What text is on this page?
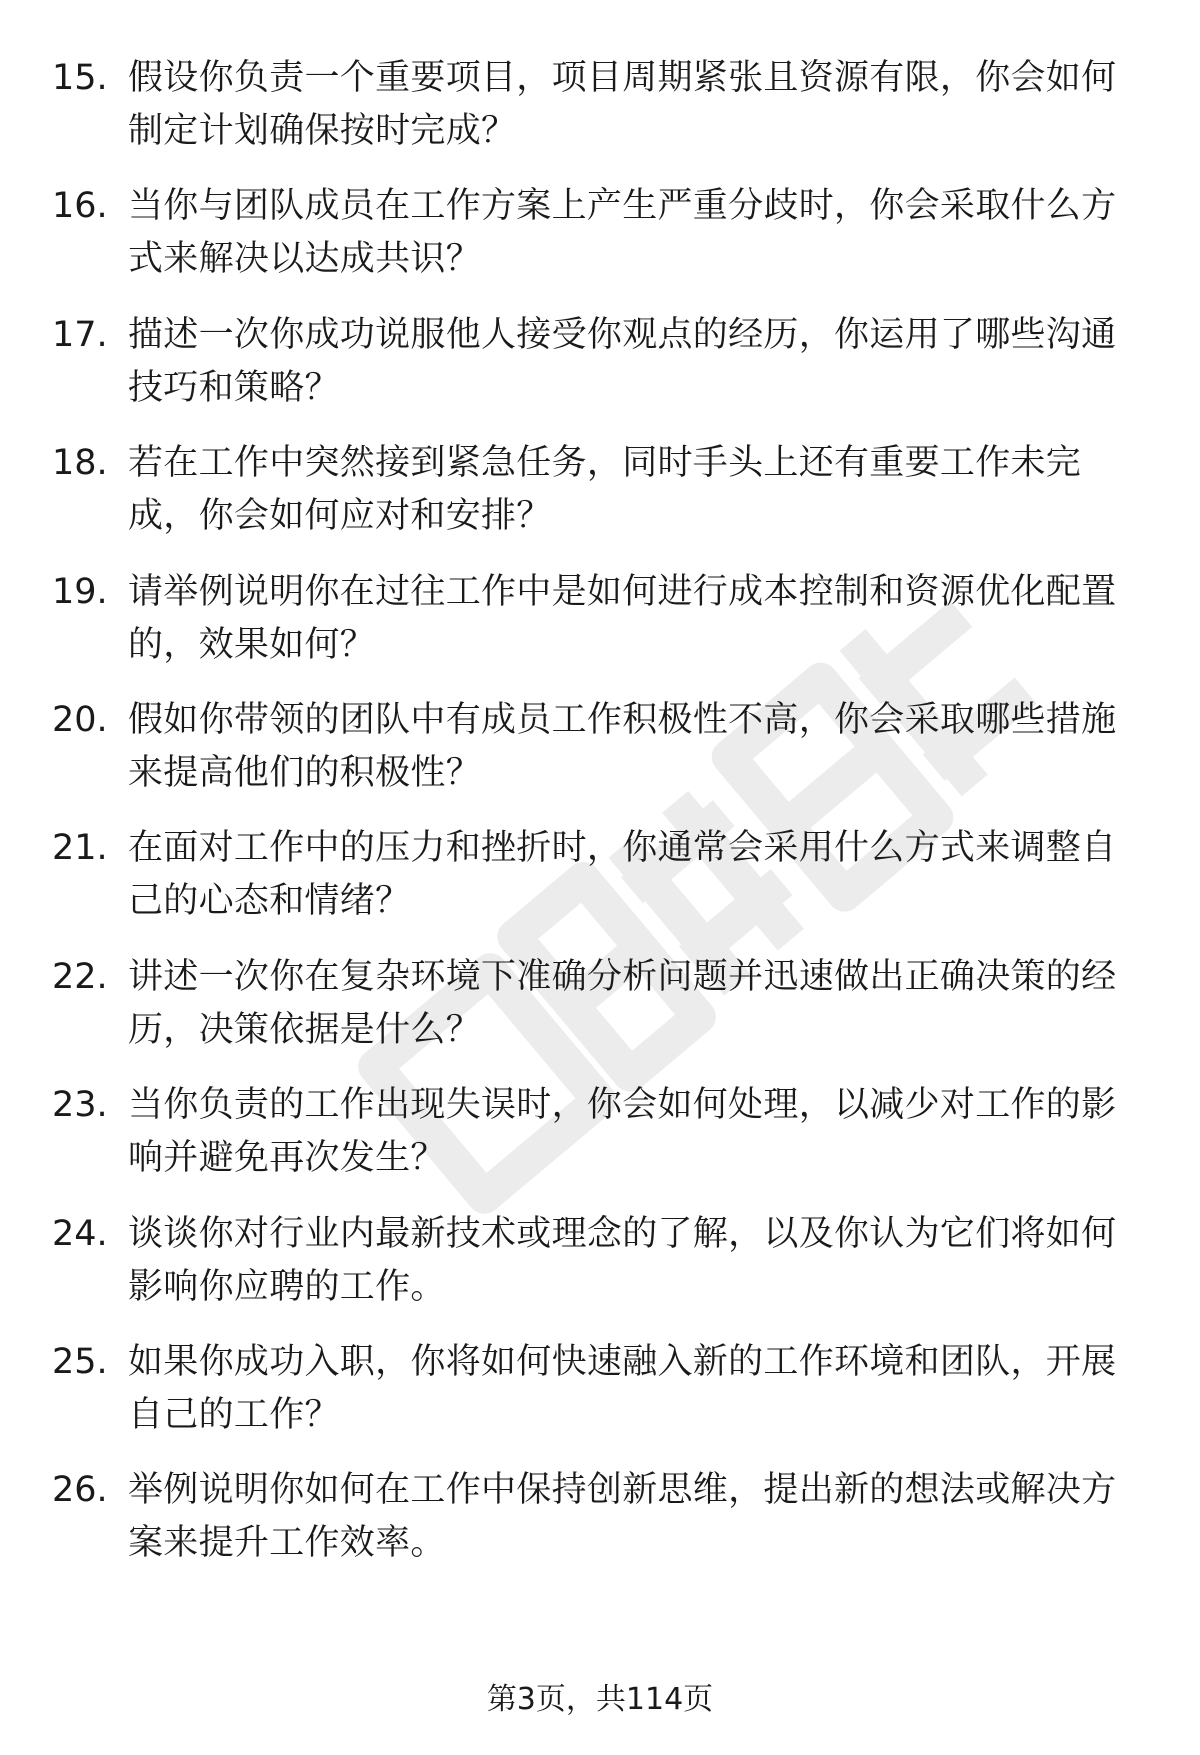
15. 假设你负责一个重要项目，项目周期紧张且资源有限，你会如何制定计划确保按时完成？
16. 当你与团队成员在工作方案上产生严重分歧时，你会采取什么方式来解决以达成共识？
17. 描述一次你成功说服他人接受你观点的经历，你运用了哪些沟通技巧和策略？
18. 若在工作中突然接到紧急任务，同时手头上还有重要工作未完成，你会如何应对和安排？
19. 请举例说明你在过往工作中是如何进行成本控制和资源优化配置的，效果如何？
20. 假如你带领的团队中有成员工作积极性不高，你会采取哪些措施来提高他们的积极性？
21. 在面对工作中的压力和挫折时，你通常会采用什么方式来调整自己的心态和情绪？
22. 讲述一次你在复杂环境下准确分析问题并迅速做出正确决策的经历，决策依据是什么？
23. 当你负责的工作出现失误时，你会如何处理，以减少对工作的影响并避免再次发生？
24. 谈谈你对行业内最新技术或理念的了解，以及你认为它们将如何影响你应聘的工作。
25. 如果你成功入职，你将如何快速融入新的工作环境和团队，开展自己的工作？
26. 举例说明你如何在工作中保持创新思维，提出新的想法或解决方案来提升工作效率。
第3页，共114页
